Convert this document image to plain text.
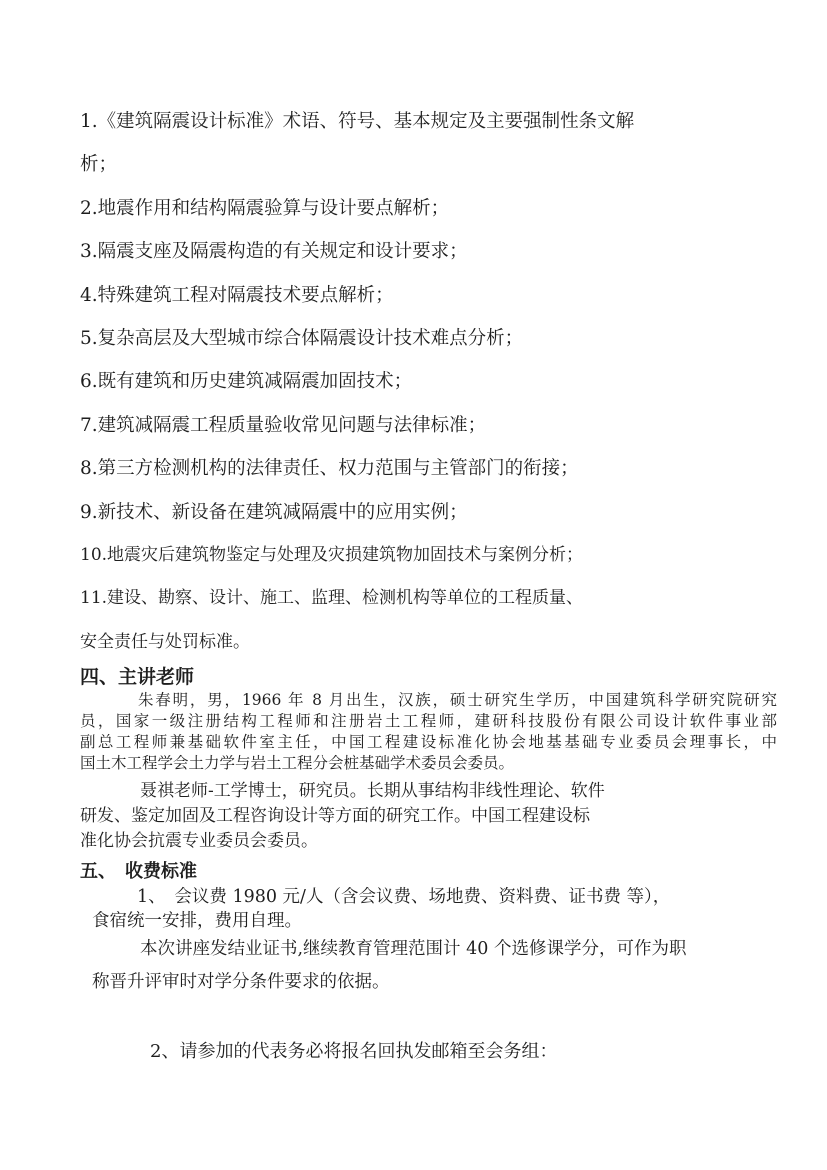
1.《建筑隔震设计标准》术语、符号、基本规定及主要强制性条文解
析；
2.地震作用和结构隔震验算与设计要点解析；
3.隔震支座及隔震构造的有关规定和设计要求；
4.特殊建筑工程对隔震技术要点解析；
5.复杂高层及大型城市综合体隔震设计技术难点分析；
6.既有建筑和历史建筑减隔震加固技术；
7.建筑减隔震工程质量验收常见问题与法律标准；
8.第三方检测机构的法律责任、权力范围与主管部门的衔接；
9.新技术、新设备在建筑减隔震中的应用实例；
10.地震灾后建筑物鉴定与处理及灾损建筑物加固技术与案例分析；
11.建设、勘察、设计、施工、监理、检测机构等单位的工程质量、
安全责任与处罚标准。
四、主讲老师
朱春明，男，1966 年 8 月出生，汉族，硕士研究生学历，中国建筑科学研究院研究
员，国家一级注册结构工程师和注册岩土工程师，建研科技股份有限公司设计软件事业部
副总工程师兼基础软件室主任，中国工程建设标准化协会地基基础专业委员会理事长，中
国土木工程学会土力学与岩土工程分会桩基础学术委员会委员。
聂祺老师-工学博士，研究员。长期从事结构非线性理论、软件
研发、鉴定加固及工程咨询设计等方面的研究工作。中国工程建设标
准化协会抗震专业委员会委员。
五、　收费标准
1、　会议费 1980 元/人（含会议费、场地费、资料费、证书费 等），
食宿统一安排，费用自理。
本次讲座发结业证书,继续教育管理范围计 40 个选修课学分，可作为职
称晋升评审时对学分条件要求的依据。
2、请参加的代表务必将报名回执发邮箱至会务组：
